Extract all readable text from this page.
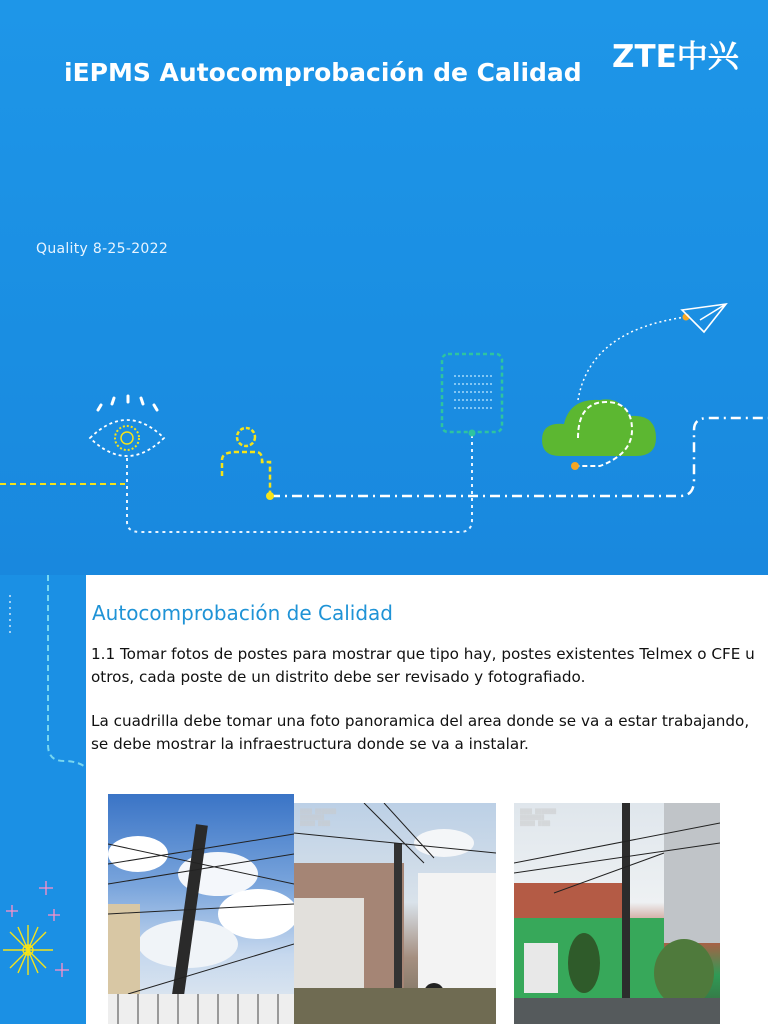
iEPMS Autocomprobación de Calidad ZTE中兴
Quality 8-25-2022
Autocomprobación de Calidad
1.1 Tomar fotos de postes para mostrar que tipo hay, postes existentes Telmex o CFE u otros, cada poste de un distrito debe ser revisado y fotografiado.
La cuadrilla debe tomar una foto panoramica del area donde se va a estar trabajando, se debe mostrar la infraestructura donde se va a instalar.
▒▒▒▒ ▒▒▒▒▒▒▒
▒▒▒▒▒▒▒▒
▒▒▒▒▒ ▒▒▒▒
▒▒▒▒ ▒▒▒▒▒▒▒
▒▒▒▒▒▒▒▒
▒▒▒▒▒ ▒▒▒▒
